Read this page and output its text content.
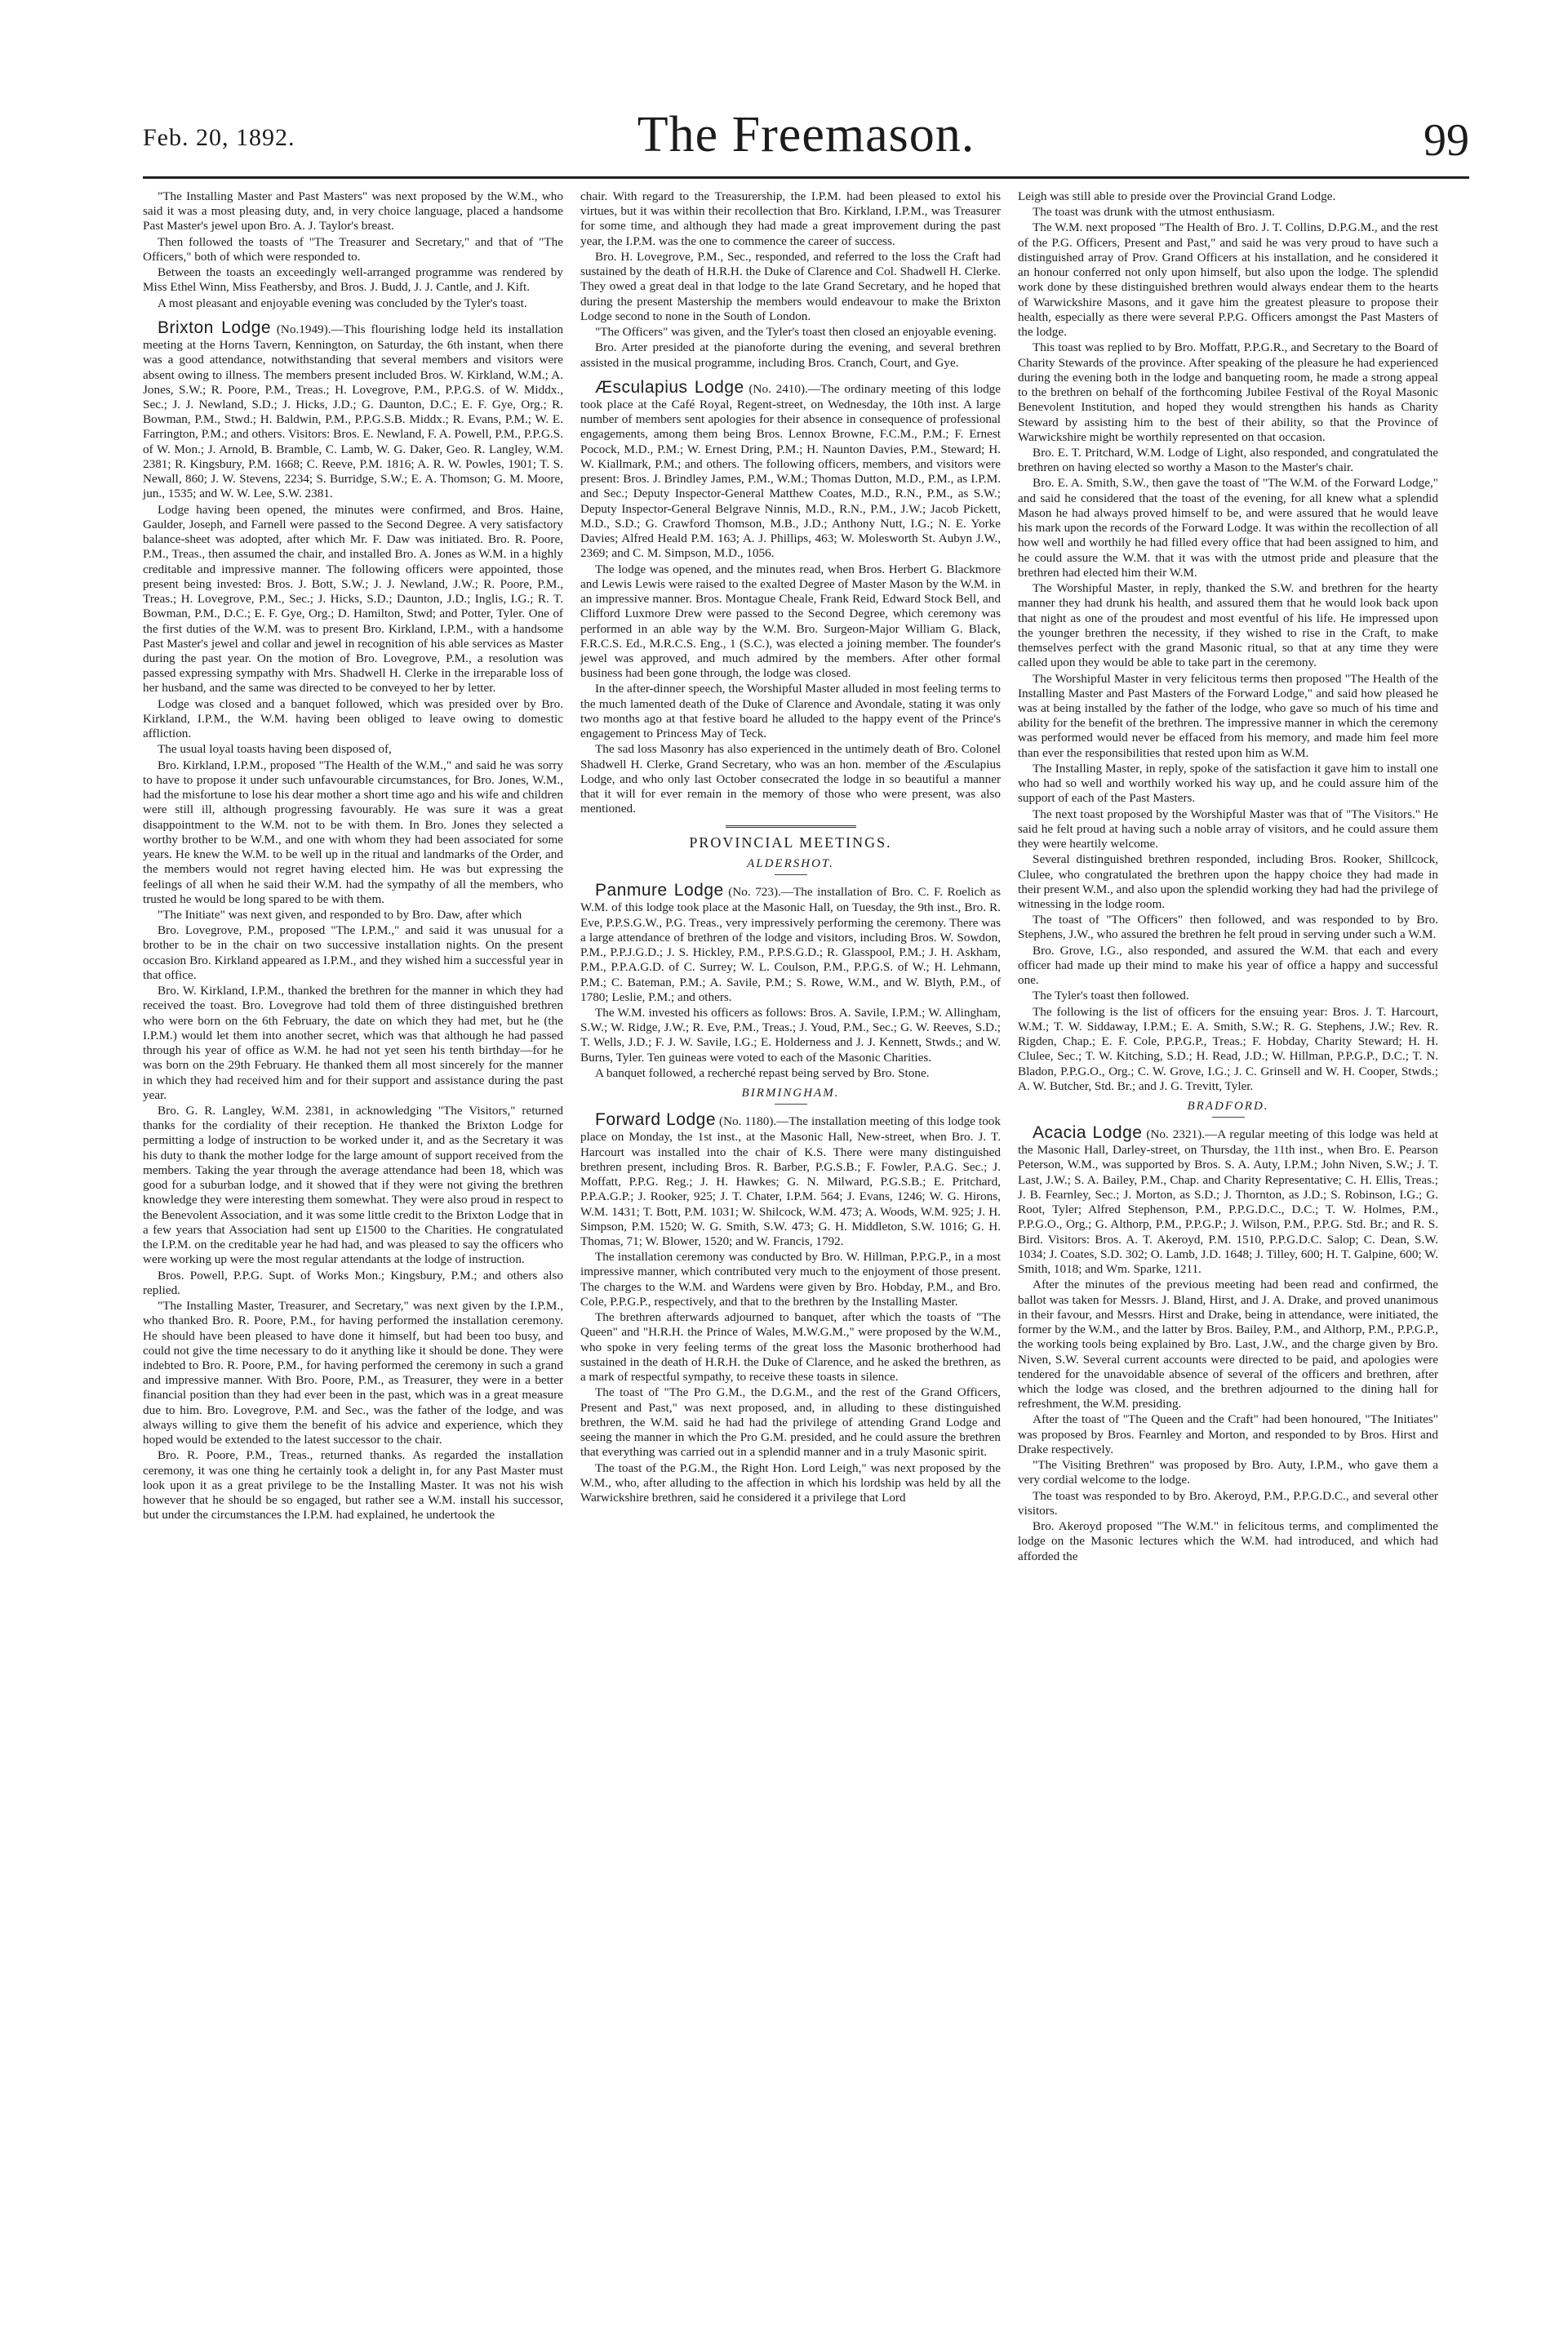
Feb. 20, 1892.	The Freemason.	99

"The Installing Master and Past Masters" was next proposed by the W.M., who said it was a most pleasing duty, and, in very choice language, placed a handsome Past Master's jewel upon Bro. A. J. Taylor's breast.

Then followed the toasts of "The Treasurer and Secretary," and that of "The Officers," both of which were responded to.

Between the toasts an exceedingly well-arranged programme was rendered by Miss Ethel Winn, Miss Feathersby, and Bros. J. Budd, J. J. Cantle, and J. Kift.

A most pleasant and enjoyable evening was concluded by the Tyler's toast.

Brixton Lodge (No.1949).—This flourishing lodge held its installation meeting at the Horns Tavern, Kennington, on Saturday, the 6th instant, when there was a good attendance, notwithstanding that several members and visitors were absent owing to illness. The members present included Bros. W. Kirkland, W.M.; A. Jones, S.W.; R. Poore, P.M., Treas.; H. Lovegrove, P.M., P.P.G.S. of W. Middx., Sec.; J. J. Newland, S.D.; J. Hicks, J.D.; G. Daunton, D.C.; E. F. Gye, Org.; R. Bowman, P.M., Stwd.; H. Baldwin, P.M., P.P.G.S.B. Middx.; R. Evans, P.M.; W. E. Farrington, P.M.; and others. Visitors: Bros. E. Newland, F. A. Powell, P.M., P.P.G.S. of W. Mon.; J. Arnold, B. Bramble, C. Lamb, W. G. Daker, Geo. R. Langley, W.M. 2381; R. Kingsbury, P.M. 1668; C. Reeve, P.M. 1816; A. R. W. Powles, 1901; T. S. Newall, 860; J. W. Stevens, 2234; S. Burridge, S.W.; E. A. Thomson; G. M. Moore, jun., 1535; and W. W. Lee, S.W. 2381.

Lodge having been opened, the minutes were confirmed, and Bros. Haine, Gaulder, Joseph, and Farnell were passed to the Second Degree. A very satisfactory balance-sheet was adopted, after which Mr. F. Daw was initiated. Bro. R. Poore, P.M., Treas., then assumed the chair, and installed Bro. A. Jones as W.M. in a highly creditable and impressive manner. The following officers were appointed, those present being invested: Bros. J. Bott, S.W.; J. J. Newland, J.W.; R. Poore, P.M., Treas.; H. Lovegrove, P.M., Sec.; J. Hicks, S.D.; Daunton, J.D.; Inglis, I.G.; R. T. Bowman, P.M., D.C.; E. F. Gye, Org.; D. Hamilton, Stwd; and Potter, Tyler. One of the first duties of the W.M. was to present Bro. Kirkland, I.P.M., with a handsome Past Master's jewel and collar and jewel in recognition of his able services as Master during the past year. On the motion of Bro. Lovegrove, P.M., a resolution was passed expressing sympathy with Mrs. Shadwell H. Clerke in the irreparable loss of her husband, and the same was directed to be conveyed to her by letter.

Lodge was closed and a banquet followed, which was presided over by Bro. Kirkland, I.P.M., the W.M. having been obliged to leave owing to domestic affliction.

The usual loyal toasts having been disposed of,

Bro. Kirkland, I.P.M., proposed "The Health of the W.M.," and said he was sorry to have to propose it under such unfavourable circumstances, for Bro. Jones, W.M., had the misfortune to lose his dear mother a short time ago and his wife and children were still ill, although progressing favourably. He was sure it was a great disappointment to the W.M. not to be with them. In Bro. Jones they selected a worthy brother to be W.M., and one with whom they had been associated for some years. He knew the W.M. to be well up in the ritual and landmarks of the Order, and the members would not regret having elected him. He was but expressing the feelings of all when he said their W.M. had the sympathy of all the members, who trusted he would be long spared to be with them.

"The Initiate" was next given, and responded to by Bro. Daw, after which

Bro. Lovegrove, P.M., proposed "The I.P.M.," and said it was unusual for a brother to be in the chair on two successive installation nights. On the present occasion Bro. Kirkland appeared as I.P.M., and they wished him a successful year in that office.

Bro. W. Kirkland, I.P.M., thanked the brethren for the manner in which they had received the toast. Bro. Lovegrove had told them of three distinguished brethren who were born on the 6th February, the date on which they had met, but he (the I.P.M.) would let them into another secret, which was that although he had passed through his year of office as W.M. he had not yet seen his tenth birthday—for he was born on the 29th February. He thanked them all most sincerely for the manner in which they had received him and for their support and assistance during the past year.

Bro. G. R. Langley, W.M. 2381, in acknowledging "The Visitors," returned thanks for the cordiality of their reception. He thanked the Brixton Lodge for permitting a lodge of instruction to be worked under it, and as the Secretary it was his duty to thank the mother lodge for the large amount of support received from the members. Taking the year through the average attendance had been 18, which was good for a suburban lodge, and it showed that if they were not giving the brethren knowledge they were interesting them somewhat. They were also proud in respect to the Benevolent Association, and it was some little credit to the Brixton Lodge that in a few years that Association had sent up £1500 to the Charities. He congratulated the I.P.M. on the creditable year he had had, and was pleased to say the officers who were working up were the most regular attendants at the lodge of instruction.

Bros. Powell, P.P.G. Supt. of Works Mon.; Kingsbury, P.M.; and others also replied.

"The Installing Master, Treasurer, and Secretary," was next given by the I.P.M., who thanked Bro. R. Poore, P.M., for having performed the installation ceremony. He should have been pleased to have done it himself, but had been too busy, and could not give the time necessary to do it anything like it should be done. They were indebted to Bro. R. Poore, P.M., for having performed the ceremony in such a grand and impressive manner. With Bro. Poore, P.M., as Treasurer, they were in a better financial position than they had ever been in the past, which was in a great measure due to him. Bro. Lovegrove, P.M. and Sec., was the father of the lodge, and was always willing to give them the benefit of his advice and experience, which they hoped would be extended to the latest successor to the chair.

Bro. R. Poore, P.M., Treas., returned thanks. As regarded the installation ceremony, it was one thing he certainly took a delight in, for any Past Master must look upon it as a great privilege to be the Installing Master. It was not his wish however that he should be so engaged, but rather see a W.M. install his successor, but under the circumstances the I.P.M. had explained, he undertook the

chair. With regard to the Treasurership, the I.P.M. had been pleased to extol his virtues, but it was within their recollection that Bro. Kirkland, I.P.M., was Treasurer for some time, and although they had made a great improvement during the past year, the I.P.M. was the one to commence the career of success.

Bro. H. Lovegrove, P.M., Sec., responded, and referred to the loss the Craft had sustained by the death of H.R.H. the Duke of Clarence and Col. Shadwell H. Clerke. They owed a great deal in that lodge to the late Grand Secretary, and he hoped that during the present Mastership the members would endeavour to make the Brixton Lodge second to none in the South of London.

"The Officers" was given, and the Tyler's toast then closed an enjoyable evening.

Bro. Arter presided at the pianoforte during the evening, and several brethren assisted in the musical programme, including Bros. Cranch, Court, and Gye.

Æsculapius Lodge (No. 2410).—The ordinary meeting of this lodge took place at the Café Royal, Regent-street, on Wednesday, the 10th inst. A large number of members sent apologies for their absence in consequence of professional engagements, among them being Bros. Lennox Browne, F.C.M., P.M.; F. Ernest Pocock, M.D., P.M.; W. Ernest Dring, P.M.; H. Naunton Davies, P.M., Steward; H. W. Kiallmark, P.M.; and others. The following officers, members, and visitors were present: Bros. J. Brindley James, P.M., W.M.; Thomas Dutton, M.D., P.M., as I.P.M. and Sec.; Deputy Inspector-General Matthew Coates, M.D., R.N., P.M., as S.W.; Deputy Inspector-General Belgrave Ninnis, M.D., R.N., P.M., J.W.; Jacob Pickett, M.D., S.D.; G. Crawford Thomson, M.B., J.D.; Anthony Nutt, I.G.; N. E. Yorke Davies; Alfred Heald P.M. 163; A. J. Phillips, 463; W. Molesworth St. Aubyn J.W., 2369; and C. M. Simpson, M.D., 1056.

The lodge was opened, and the minutes read, when Bros. Herbert G. Blackmore and Lewis Lewis were raised to the exalted Degree of Master Mason by the W.M. in an impressive manner. Bros. Montague Cheale, Frank Reid, Edward Stock Bell, and Clifford Luxmore Drew were passed to the Second Degree, which ceremony was performed in an able way by the W.M. Bro. Surgeon-Major William G. Black, F.R.C.S. Ed., M.R.C.S. Eng., 1 (S.C.), was elected a joining member. The founder's jewel was approved, and much admired by the members. After other formal business had been gone through, the lodge was closed.

In the after-dinner speech, the Worshipful Master alluded in most feeling terms to the much lamented death of the Duke of Clarence and Avondale, stating it was only two months ago at that festive board he alluded to the happy event of the Prince's engagement to Princess May of Teck.

The sad loss Masonry has also experienced in the untimely death of Bro. Colonel Shadwell H. Clerke, Grand Secretary, who was an hon. member of the Æsculapius Lodge, and who only last October consecrated the lodge in so beautiful a manner that it will for ever remain in the memory of those who were present, was also mentioned.

PROVINCIAL MEETINGS.
ALDERSHOT.

Panmure Lodge (No. 723).—The installation of Bro. C. F. Roelich as W.M. of this lodge took place at the Masonic Hall, on Tuesday, the 9th inst., Bro. R. Eve, P.P.S.G.W., P.G. Treas., very impressively performing the ceremony. There was a large attendance of brethren of the lodge and visitors, including Bros. W. Sowdon, P.M., P.P.J.G.D.; J. S. Hickley, P.M., P.P.S.G.D.; R. Glasspool, P.M.; J. H. Askham, P.M., P.P.A.G.D. of C. Surrey; W. L. Coulson, P.M., P.P.G.S. of W.; H. Lehmann, P.M.; C. Bateman, P.M.; A. Savile, P.M.; S. Rowe, W.M., and W. Blyth, P.M., of 1780; Leslie, P.M.; and others.

The W.M. invested his officers as follows: Bros. A. Savile, I.P.M.; W. Allingham, S.W.; W. Ridge, J.W.; R. Eve, P.M., Treas.; J. Youd, P.M., Sec.; G. W. Reeves, S.D.; T. Wells, J.D.; F. J. W. Savile, I.G.; E. Holderness and J. J. Kennett, Stwds.; and W. Burns, Tyler. Ten guineas were voted to each of the Masonic Charities.

A banquet followed, a recherché repast being served by Bro. Stone.

BIRMINGHAM.

Forward Lodge (No. 1180).—The installation meeting of this lodge took place on Monday, the 1st inst., at the Masonic Hall, New-street, when Bro. J. T. Harcourt was installed into the chair of K.S. There were many distinguished brethren present, including Bros. R. Barber, P.G.S.B.; F. Fowler, P.A.G. Sec.; J. Moffatt, P.P.G. Reg.; J. H. Hawkes; G. N. Milward, P.G.S.B.; E. Pritchard, P.P.A.G.P.; J. Rooker, 925; J. T. Chater, I.P.M. 564; J. Evans, 1246; W. G. Hirons, W.M. 1431; T. Bott, P.M. 1031; W. Shilcock, W.M. 473; A. Woods, W.M. 925; J. H. Simpson, P.M. 1520; W. G. Smith, S.W. 473; G. H. Middleton, S.W. 1016; G. H. Thomas, 71; W. Blower, 1520; and W. Francis, 1792.

The installation ceremony was conducted by Bro. W. Hillman, P.P.G.P., in a most impressive manner, which contributed very much to the enjoyment of those present. The charges to the W.M. and Wardens were given by Bro. Hobday, P.M., and Bro. Cole, P.P.G.P., respectively, and that to the brethren by the Installing Master.

The brethren afterwards adjourned to banquet, after which the toasts of "The Queen" and "H.R.H. the Prince of Wales, M.W.G.M.," were proposed by the W.M., who spoke in very feeling terms of the great loss the Masonic brotherhood had sustained in the death of H.R.H. the Duke of Clarence, and he asked the brethren, as a mark of respectful sympathy, to receive these toasts in silence.

The toast of "The Pro G.M., the D.G.M., and the rest of the Grand Officers, Present and Past," was next proposed, and, in alluding to these distinguished brethren, the W.M. said he had had the privilege of attending Grand Lodge and seeing the manner in which the Pro G.M. presided, and he could assure the brethren that everything was carried out in a splendid manner and in a truly Masonic spirit.

The toast of the P.G.M., the Right Hon. Lord Leigh," was next proposed by the W.M., who, after alluding to the affection in which his lordship was held by all the Warwickshire brethren, said he considered it a privilege that Lord

Leigh was still able to preside over the Provincial Grand Lodge.

The toast was drunk with the utmost enthusiasm.

The W.M. next proposed "The Health of Bro. J. T. Collins, D.P.G.M., and the rest of the P.G. Officers, Present and Past," and said he was very proud to have such a distinguished array of Prov. Grand Officers at his installation, and he considered it an honour conferred not only upon himself, but also upon the lodge. The splendid work done by these distinguished brethren would always endear them to the hearts of Warwickshire Masons, and it gave him the greatest pleasure to propose their health, especially as there were several P.P.G. Officers amongst the Past Masters of the lodge.

This toast was replied to by Bro. Moffatt, P.P.G.R., and Secretary to the Board of Charity Stewards of the province. After speaking of the pleasure he had experienced during the evening both in the lodge and banqueting room, he made a strong appeal to the brethren on behalf of the forthcoming Jubilee Festival of the Royal Masonic Benevolent Institution, and hoped they would strengthen his hands as Charity Steward by assisting him to the best of their ability, so that the Province of Warwickshire might be worthily represented on that occasion.

Bro. E. T. Pritchard, W.M. Lodge of Light, also responded, and congratulated the brethren on having elected so worthy a Mason to the Master's chair.

Bro. E. A. Smith, S.W., then gave the toast of "The W.M. of the Forward Lodge," and said he considered that the toast of the evening, for all knew what a splendid Mason he had always proved himself to be, and were assured that he would leave his mark upon the records of the Forward Lodge. It was within the recollection of all how well and worthily he had filled every office that had been assigned to him, and he could assure the W.M. that it was with the utmost pride and pleasure that the brethren had elected him their W.M.

The Worshipful Master, in reply, thanked the S.W. and brethren for the hearty manner they had drunk his health, and assured them that he would look back upon that night as one of the proudest and most eventful of his life. He impressed upon the younger brethren the necessity, if they wished to rise in the Craft, to make themselves perfect with the grand Masonic ritual, so that at any time they were called upon they would be able to take part in the ceremony.

The Worshipful Master in very felicitous terms then proposed "The Health of the Installing Master and Past Masters of the Forward Lodge," and said how pleased he was at being installed by the father of the lodge, who gave so much of his time and ability for the benefit of the brethren. The impressive manner in which the ceremony was performed would never be effaced from his memory, and made him feel more than ever the responsibilities that rested upon him as W.M.

The Installing Master, in reply, spoke of the satisfaction it gave him to install one who had so well and worthily worked his way up, and he could assure him of the support of each of the Past Masters.

The next toast proposed by the Worshipful Master was that of "The Visitors." He said he felt proud at having such a noble array of visitors, and he could assure them they were heartily welcome.

Several distinguished brethren responded, including Bros. Rooker, Shillcock, Clulee, who congratulated the brethren upon the happy choice they had made in their present W.M., and also upon the splendid working they had had the privilege of witnessing in the lodge room.

The toast of "The Officers" then followed, and was responded to by Bro. Stephens, J.W., who assured the brethren he felt proud in serving under such a W.M.

Bro. Grove, I.G., also responded, and assured the W.M. that each and every officer had made up their mind to make his year of office a happy and successful one.

The Tyler's toast then followed.

The following is the list of officers for the ensuing year: Bros. J. T. Harcourt, W.M.; T. W. Siddaway, I.P.M.; E. A. Smith, S.W.; R. G. Stephens, J.W.; Rev. R. Rigden, Chap.; E. F. Cole, P.P.G.P., Treas.; F. Hobday, Charity Steward; H. H. Clulee, Sec.; T. W. Kitching, S.D.; H. Read, J.D.; W. Hillman, P.P.G.P., D.C.; T. N. Bladon, P.P.G.O., Org.; C. W. Grove, I.G.; J. C. Grinsell and W. H. Cooper, Stwds.; A. W. Butcher, Std. Br.; and J. G. Trevitt, Tyler.

BRADFORD.

Acacia Lodge (No. 2321).—A regular meeting of this lodge was held at the Masonic Hall, Darley-street, on Thursday, the 11th inst., when Bro. E. Pearson Peterson, W.M., was supported by Bros. S. A. Auty, I.P.M.; John Niven, S.W.; J. T. Last, J.W.; S. A. Bailey, P.M., Chap. and Charity Representative; C. H. Ellis, Treas.; J. B. Fearnley, Sec.; J. Morton, as S.D.; J. Thornton, as J.D.; S. Robinson, I.G.; G. Root, Tyler; Alfred Stephenson, P.M., P.P.G.D.C., D.C.; T. W. Holmes, P.M., P.P.G.O., Org.; G. Althorp, P.M., P.P.G.P.; J. Wilson, P.M., P.P.G. Std. Br.; and R. S. Bird. Visitors: Bros. A. T. Akeroyd, P.M. 1510, P.P.G.D.C. Salop; C. Dean, S.W. 1034; J. Coates, S.D. 302; O. Lamb, J.D. 1648; J. Tilley, 600; H. T. Galpine, 600; W. Smith, 1018; and Wm. Sparke, 1211.

After the minutes of the previous meeting had been read and confirmed, the ballot was taken for Messrs. J. Bland, Hirst, and J. A. Drake, and proved unanimous in their favour, and Messrs. Hirst and Drake, being in attendance, were initiated, the former by the W.M., and the latter by Bros. Bailey, P.M., and Althorp, P.M., P.P.G.P., the working tools being explained by Bro. Last, J.W., and the charge given by Bro. Niven, S.W. Several current accounts were directed to be paid, and apologies were tendered for the unavoidable absence of several of the officers and brethren, after which the lodge was closed, and the brethren adjourned to the dining hall for refreshment, the W.M. presiding.

After the toast of "The Queen and the Craft" had been honoured, "The Initiates" was proposed by Bros. Fearnley and Morton, and responded to by Bros. Hirst and Drake respectively.

"The Visiting Brethren" was proposed by Bro. Auty, I.P.M., who gave them a very cordial welcome to the lodge.

The toast was responded to by Bro. Akeroyd, P.M., P.P.G.D.C., and several other visitors.

Bro. Akeroyd proposed "The W.M." in felicitous terms, and complimented the lodge on the Masonic lectures which the W.M. had introduced, and which had afforded the
